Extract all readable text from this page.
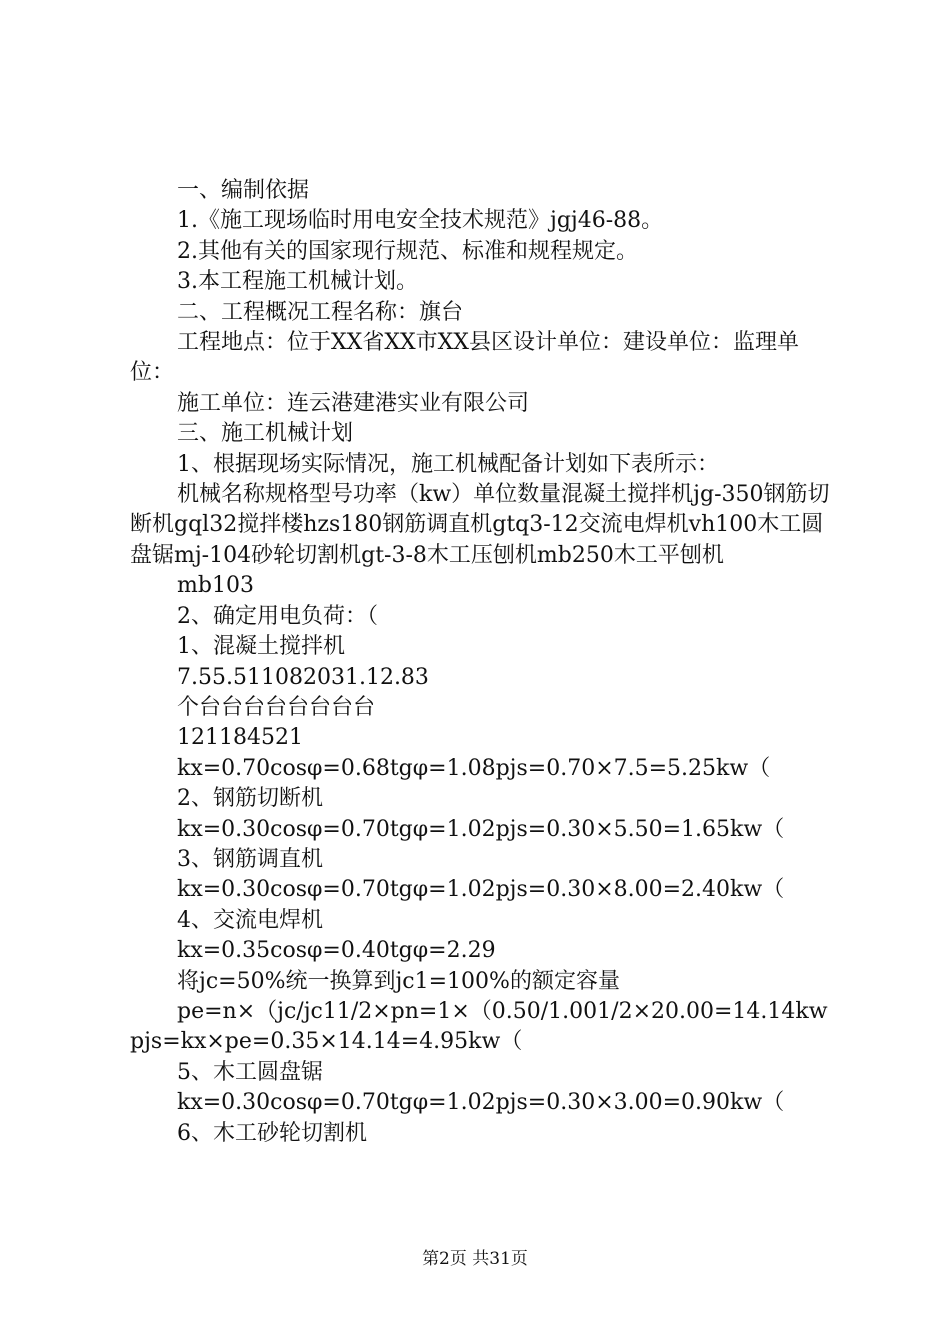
一、编制依据

1.《施工现场临时用电安全技术规范》jgj46-88。

2.其他有关的国家现行规范、标准和规程规定。

3.本工程施工机械计划。

二、工程概况工程名称：旗台

工程地点：位于XX省XX市XX县区设计单位：建设单位：监理单位：

施工单位：连云港建港实业有限公司

三、施工机械计划

1、根据现场实际情况，施工机械配备计划如下表所示：

机械名称规格型号功率（kw）单位数量混凝土搅拌机jg-350钢筋切断机gql32搅拌楼hzs180钢筋调直机gtq3-12交流电焊机vh100木工圆盘锯mj-104砂轮切割机gt-3-8木工压刨机mb250木工平刨机

mb103

2、确定用电负荷：（

1、混凝土搅拌机

7.55.511082031.12.83

个台台台台台台台台

121184521

kx=0.70cosφ=0.68tgφ=1.08pjs=0.70×7.5=5.25kw（

2、钢筋切断机

kx=0.30cosφ=0.70tgφ=1.02pjs=0.30×5.50=1.65kw（

3、钢筋调直机

kx=0.30cosφ=0.70tgφ=1.02pjs=0.30×8.00=2.40kw（

4、交流电焊机

kx=0.35cosφ=0.40tgφ=2.29

将jc=50%统一换算到jc1=100%的额定容量

pe=n×（jc/jc11/2×pn=1×（0.50/1.001/2×20.00=14.14kwpjs=kx×pe=0.35×14.14=4.95kw（

5、木工圆盘锯

kx=0.30cosφ=0.70tgφ=1.02pjs=0.30×3.00=0.90kw（

6、木工砂轮切割机

第2页 共31页
